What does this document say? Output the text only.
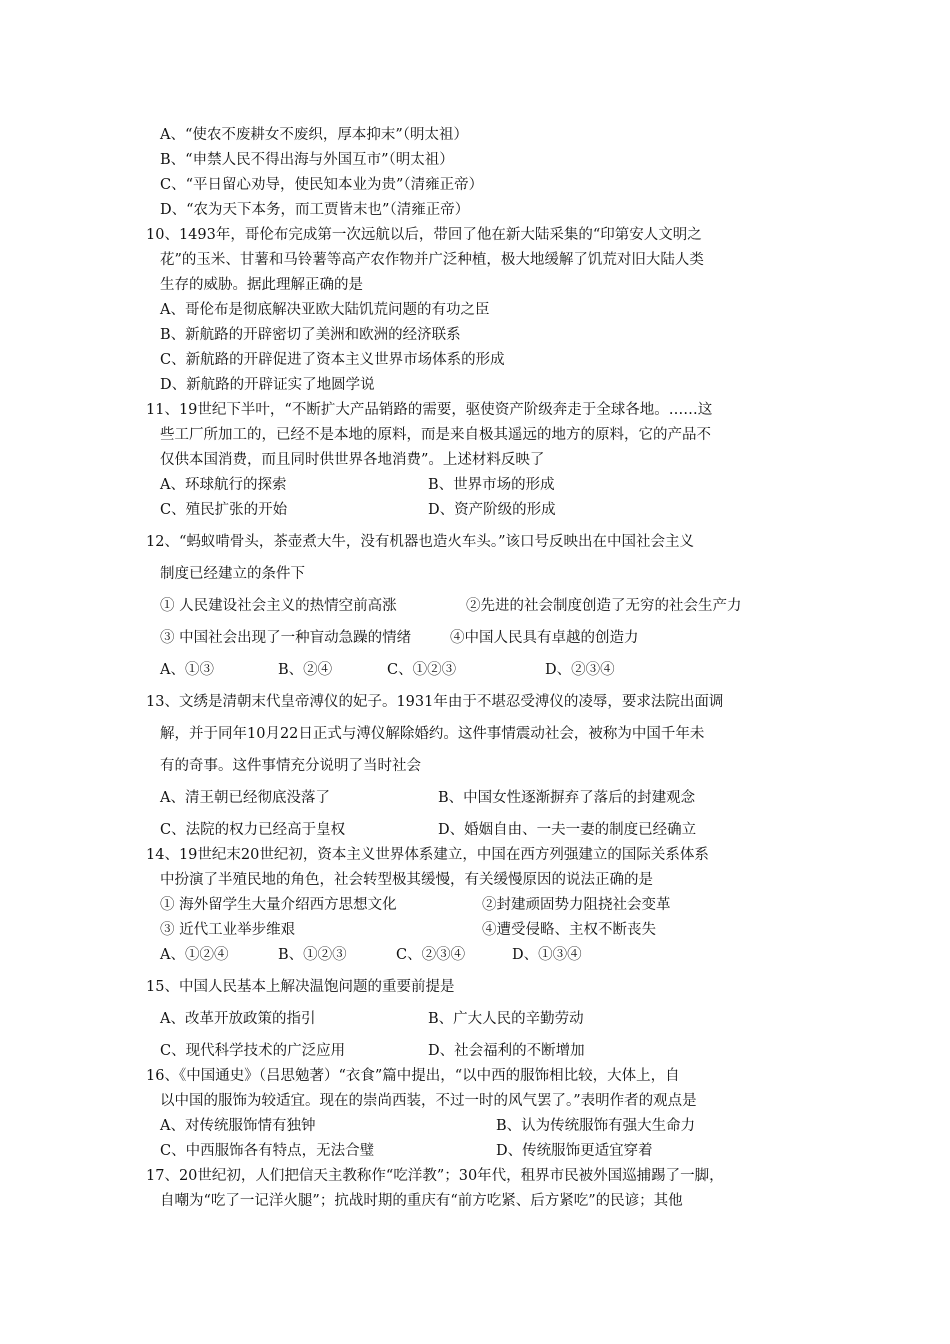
A、“使农不废耕女不废织，厚本抑末”（明太祖）
B、“申禁人民不得出海与外国互市”（明太祖）
C、“平日留心劝导，使民知本业为贵”（清雍正帝）
D、“农为天下本务，而工贾皆末也”（清雍正帝）
10、1493年，哥伦布完成第一次远航以后，带回了他在新大陆采集的“印第安人文明之
花”的玉米、甘薯和马铃薯等高产农作物并广泛种植，极大地缓解了饥荒对旧大陆人类
生存的威胁。据此理解正确的是
A、哥伦布是彻底解决亚欧大陆饥荒问题的有功之臣
B、新航路的开辟密切了美洲和欧洲的经济联系
C、新航路的开辟促进了资本主义世界市场体系的形成
D、新航路的开辟证实了地圆学说
11、19世纪下半叶，“不断扩大产品销路的需要，驱使资产阶级奔走于全球各地。……这
些工厂所加工的，已经不是本地的原料，而是来自极其遥远的地方的原料，它的产品不
仅供本国消费，而且同时供世界各地消费”。上述材料反映了
A、环球航行的探索	B、世界市场的形成
C、殖民扩张的开始	D、资产阶级的形成
12、“蚂蚁啃骨头，茶壶煮大牛，没有机器也造火车头。”该口号反映出在中国社会主义
制度已经建立的条件下
① 人民建设社会主义的热情空前高涨	②先进的社会制度创造了无穷的社会生产力
③ 中国社会出现了一种盲动急躁的情绪	④中国人民具有卓越的创造力
A、①③	B、②④	C、①②③	D、②③④
13、文绣是清朝末代皇帝溥仪的妃子。1931年由于不堪忍受溥仪的凌辱，要求法院出面调
解，并于同年10月22日正式与溥仪解除婚约。这件事情震动社会，被称为中国千年未
有的奇事。这件事情充分说明了当时社会
A、清王朝已经彻底没落了	B、中国女性逐渐摒弃了落后的封建观念
C、法院的权力已经高于皇权	D、婚姻自由、一夫一妻的制度已经确立
14、19世纪末20世纪初，资本主义世界体系建立，中国在西方列强建立的国际关系体系
中扮演了半殖民地的角色，社会转型极其缓慢，有关缓慢原因的说法正确的是
① 海外留学生大量介绍西方思想文化	②封建顽固势力阻挠社会变革
③ 近代工业举步维艰	④遭受侵略、主权不断丧失
A、①②④	B、①②③	C、②③④	D、①③④
15、中国人民基本上解决温饱问题的重要前提是
A、改革开放政策的指引	B、广大人民的辛勤劳动
C、现代科学技术的广泛应用	D、社会福利的不断增加
16、《中国通史》（吕思勉著）“衣食”篇中提出，“以中西的服饰相比较，大体上，自
以中国的服饰为较适宜。现在的崇尚西装，不过一时的风气罢了。”表明作者的观点是
A、对传统服饰情有独钟	B、认为传统服饰有强大生命力
C、中西服饰各有特点，无法合璧	D、传统服饰更适宜穿着
17、20世纪初，人们把信天主教称作“吃洋教”；30年代，租界市民被外国巡捕踢了一脚，
自嘲为“吃了一记洋火腿”；抗战时期的重庆有“前方吃紧、后方紧吃”的民谚；其他
